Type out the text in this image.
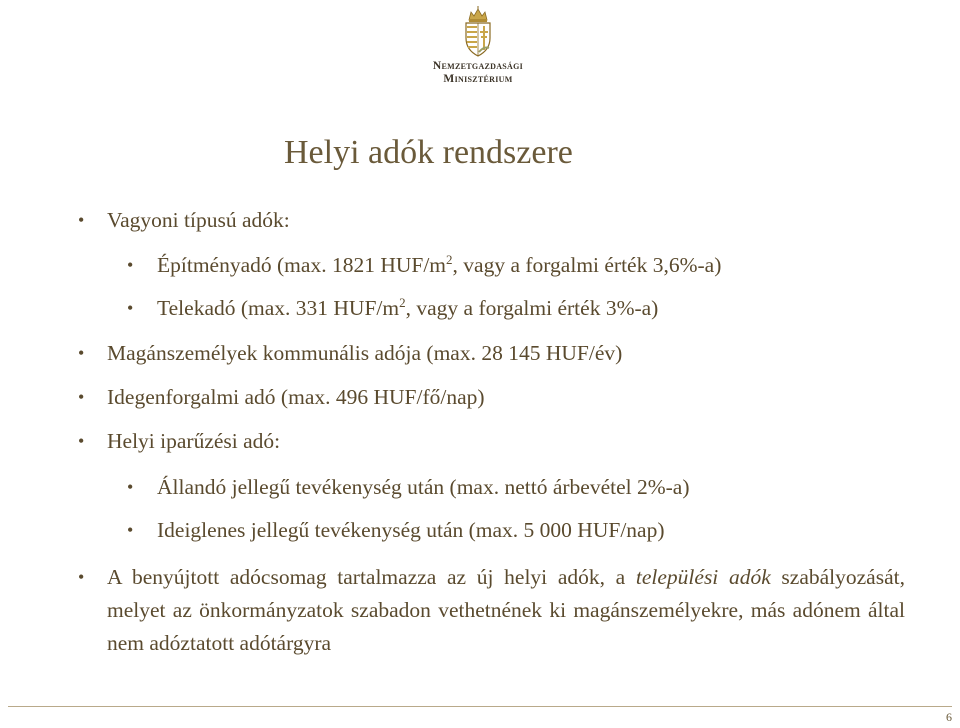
Nemzetgazdasági
Minisztérium
Helyi adók rendszere
• Vagyoni típusú adók:
• Építményadó (max. 1821 HUF/$m^2$, vagy a forgalmi érték 3,6%-a)
• Telekadó (max. 331 HUF/$m^2$, vagy a forgalmi érték 3%-a)
• Magánszemélyek kommunális adója (max. 28 145 HUF/év)
• Idegenforgalmi adó (max. 496 HUF/fő/nap)
• Helyi iparűzési adó:
• Állandó jellegű tevékenység után (max. nettó árbevétel 2%-a)
• Ideiglenes jellegű tevékenység után (max. 5 000 HUF/nap)
• A benyújtott adócsomag tartalmazza az új helyi adók, a települési adók szabályozását, melyet az önkormányzatok szabadon vethetnének ki magánszemélyekre, más adónem által nem adóztatott adótárgyra
6
